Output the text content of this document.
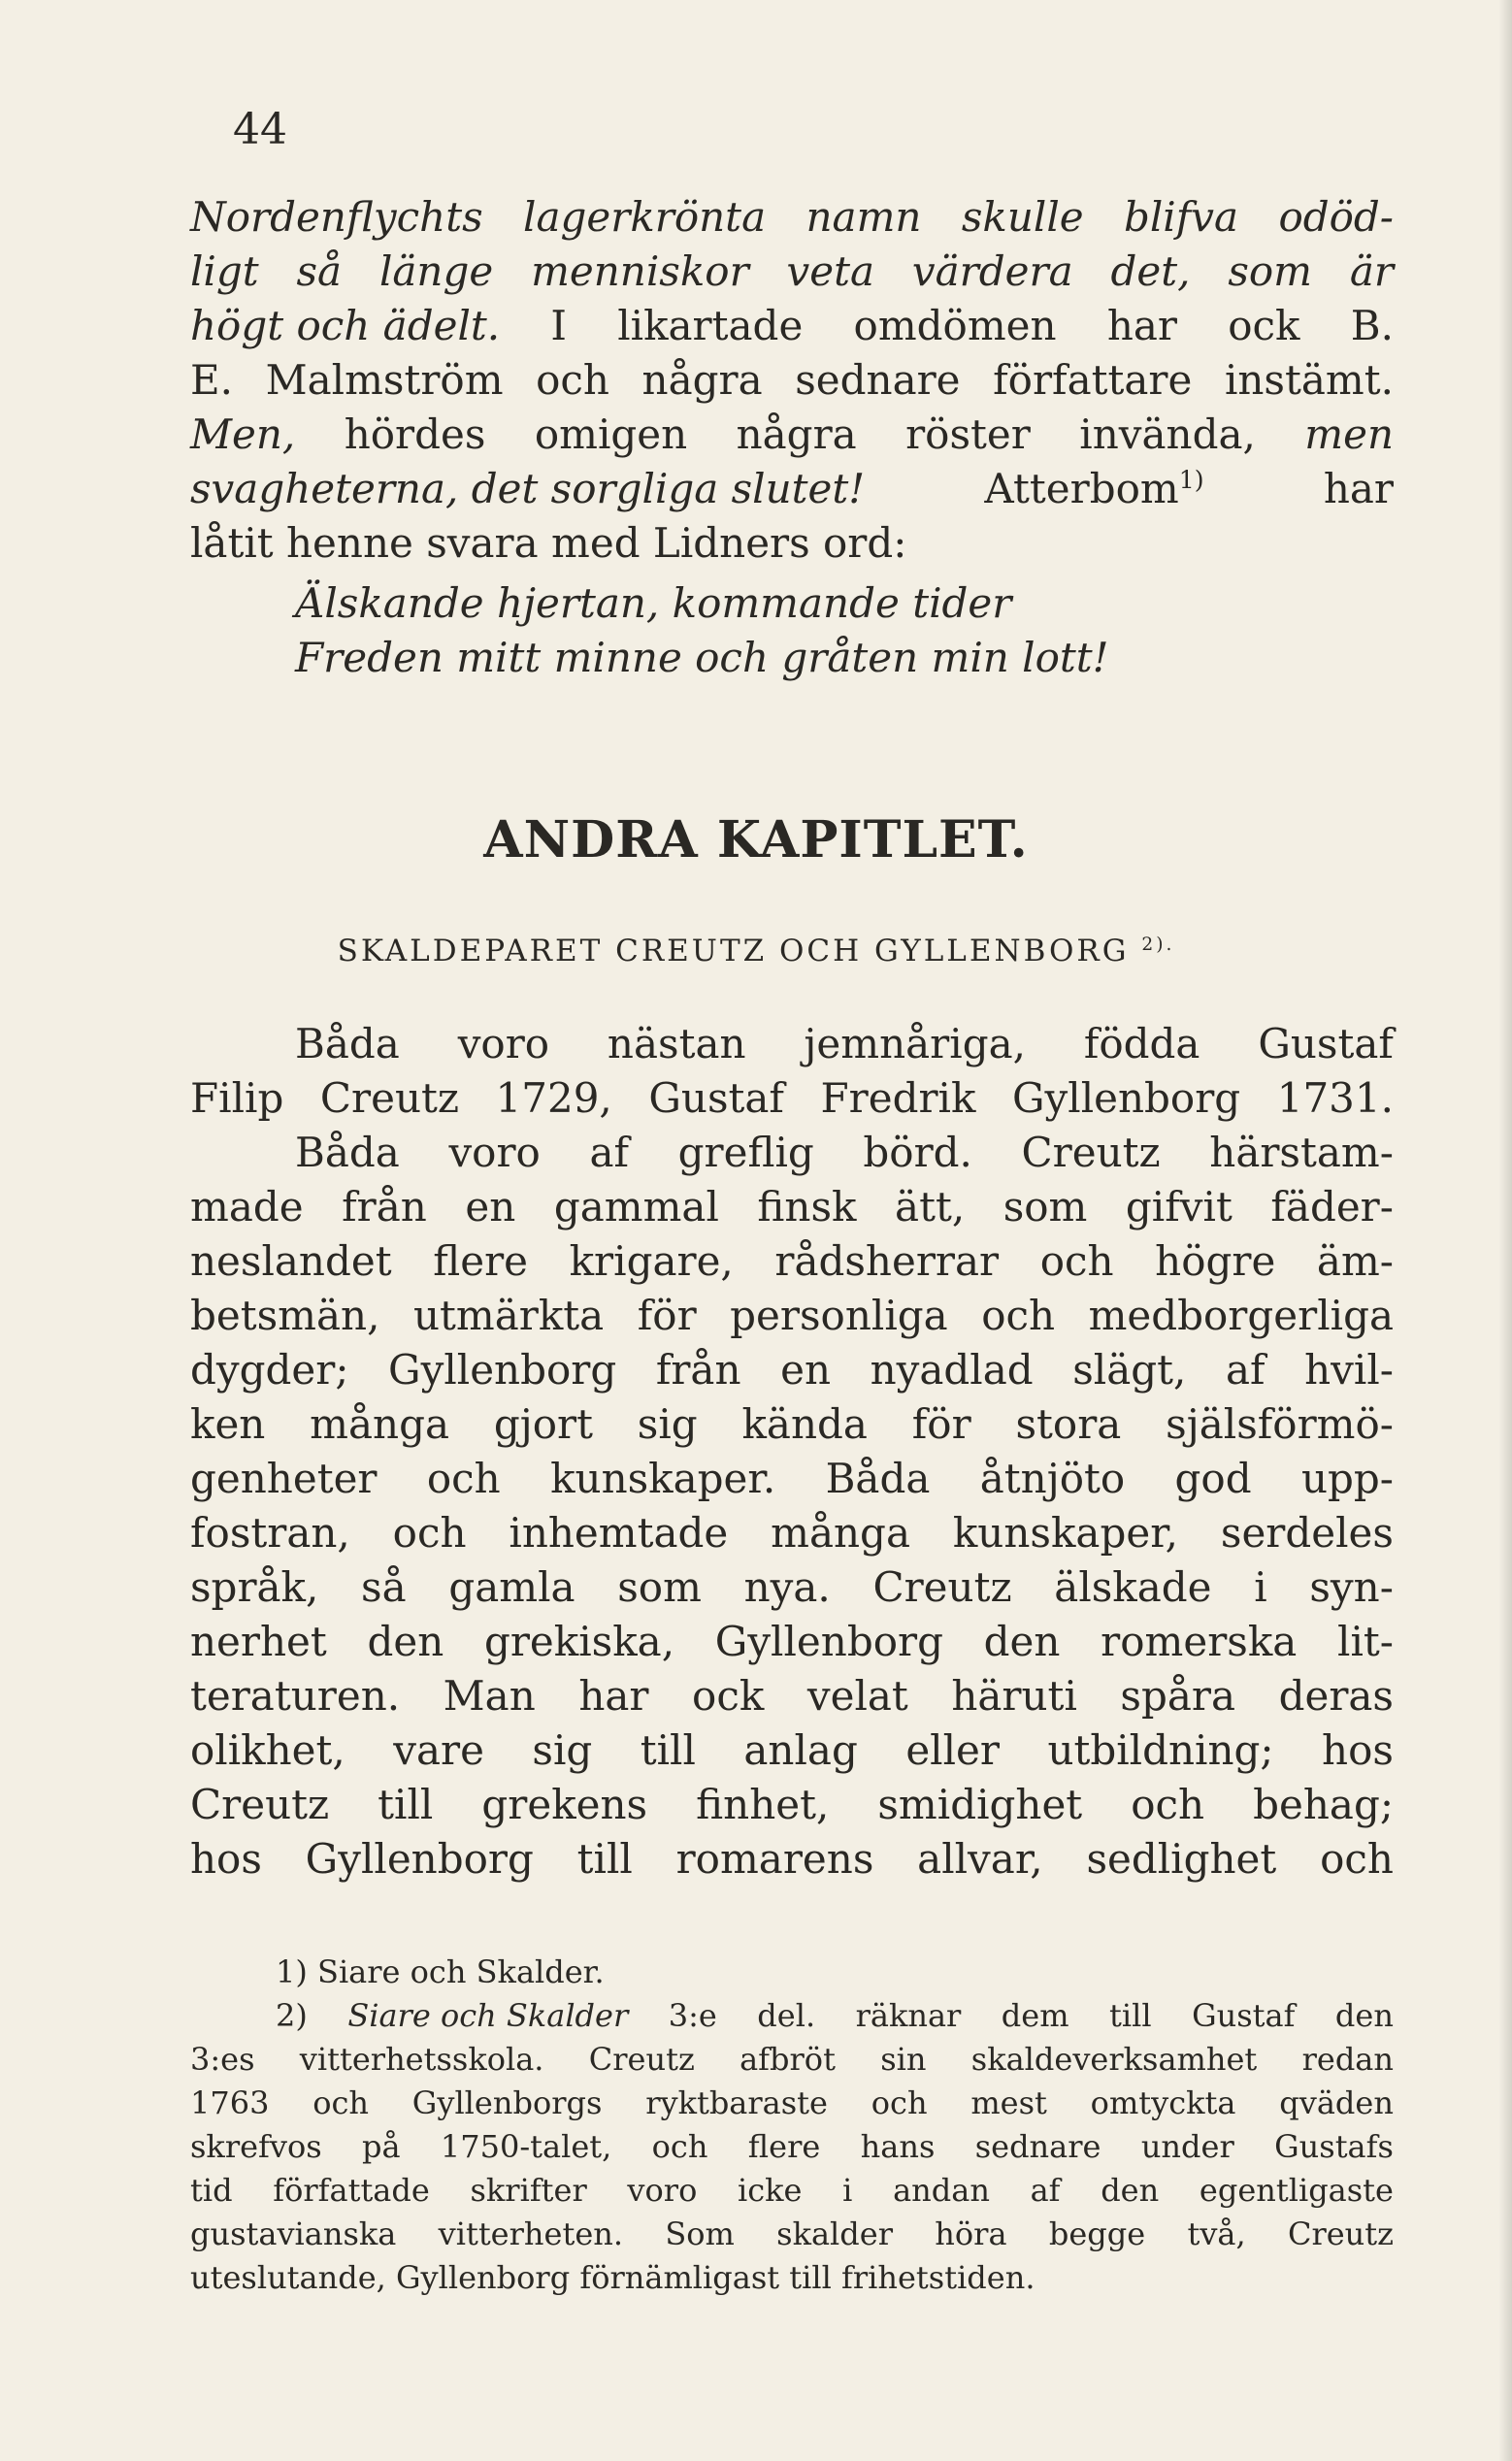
44
Nordenflychts lagerkrönta namn skulle blifva odöd-
ligt så länge menniskor veta värdera det, som är
högt och ädelt. I likartade omdömen har ock B.
E. Malmström och några sednare författare instämt.
Men, hördes omigen några röster invända, men
svagheterna, det sorgliga slutet!	Atterbom$^{1)}$	har
låtit henne svara med Lidners ord:
Älskande hjertan, kommande tider
Freden mitt minne och gråten min lott!
ANDRA KAPITLET.
SKALDEPARET CREUTZ OCH GYLLENBORG $^{2).}$
Båda voro nästan jemnåriga, födda Gustaf
Filip Creutz 1729, Gustaf Fredrik Gyllenborg 1731.
Båda voro af greflig börd. Creutz härstam-
made från en gammal finsk ätt, som gifvit fäder-
neslandet flere krigare, rådsherrar och högre äm-
betsmän, utmärkta för personliga och medborgerliga
dygder; Gyllenborg från en nyadlad slägt, af hvil-
ken många gjort sig kända för stora själsförmö-
genheter och kunskaper. Båda åtnjöto god upp-
fostran, och inhemtade många kunskaper, serdeles
språk, så gamla som nya. Creutz älskade i syn-
nerhet den grekiska, Gyllenborg den romerska lit-
teraturen. Man har ock velat häruti spåra deras
olikhet, vare sig till anlag eller utbildning; hos
Creutz till grekens finhet, smidighet och behag;
hos Gyllenborg till romarens allvar, sedlighet och
1) Siare och Skalder.
2) Siare och Skalder 3:e del. räknar dem till Gustaf den
3:es vitterhetsskola. Creutz afbröt sin skaldeverksamhet redan
1763 och Gyllenborgs ryktbaraste och mest omtyckta qväden
skrefvos på 1750-talet, och flere hans sednare under Gustafs
tid författade skrifter voro icke i andan af den egentligaste
gustavianska vitterheten. Som skalder höra begge två, Creutz
uteslutande, Gyllenborg förnämligast till frihetstiden.
